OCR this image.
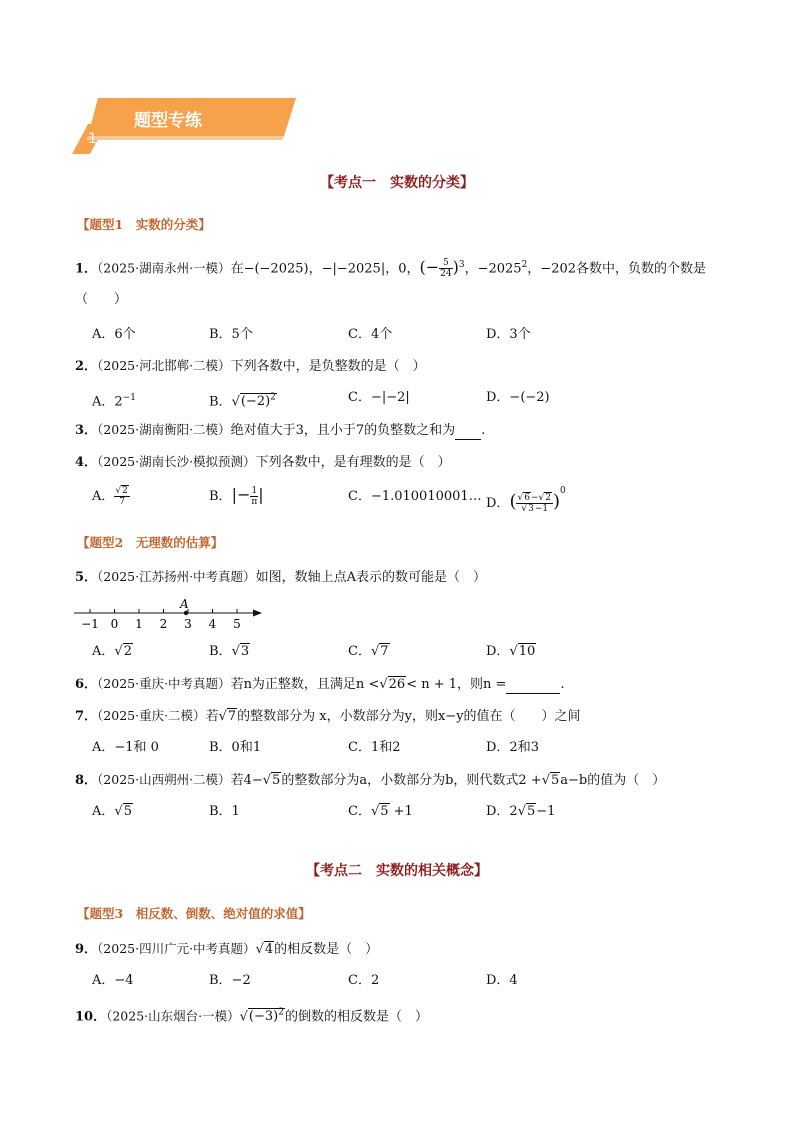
题型专练
1
【考点一　实数的分类】
【题型1　实数的分类】
1．（2025·湖南永州·一模）在−(−2025)，−|−2025|，0，(− $\frac{5}{24} )^3$，$-2025^2$，−202各数中，负数的个数是
（　　）
A．6个	B．5个	C．4个	D．3个
2．（2025·河北邯郸·二模）下列各数中，是负整数的是（　）
A．$2^{-1}$	B．$√(-2)^2$	C．−|−2|	D．−(−2)
3．（2025·湖南衡阳·二模）绝对值大于3，且小于7的负整数之和为 .
4．（2025·湖南长沙·模拟预测）下列各数中，是有理数的是（　）
A． $\frac{√2}{7}$	B．|− $\frac{1}{\pi}$ |	C．−1.010010001… D．( $\frac{√6-√2}{√3-1} )^0$
【题型2　无理数的估算】
5．（2025·江苏扬州·中考真题）如图，数轴上点A表示的数可能是（　）
−1 0 1 2 3 4 5
A
A．√2	B．√3	C．√7	D．√10
6．（2025·重庆·中考真题）若n为正整数，且满足n <√26< n + 1，则n =	.
7．（2025·重庆·二模）若√7的整数部分为 x，小数部分为y，则x−y的值在（　　）之间
A．−1和 0	B．0和1	C．1和2	D．2和3
8．（2025·山西朔州·二模）若4−√5的整数部分为a，小数部分为b，则代数式2 +√5a−b的值为（　）
A．√5	B．1	C．√5 +1	D．2√5−1
【考点二　实数的相关概念】
【题型3　相反数、倒数、绝对值的求值】
9．（2025·四川广元·中考真题）√4的相反数是（　）
A．−4	B．−2	C．2	D．4
10．（2025·山东烟台·一模）$√(-3)^2$的倒数的相反数是（　）
